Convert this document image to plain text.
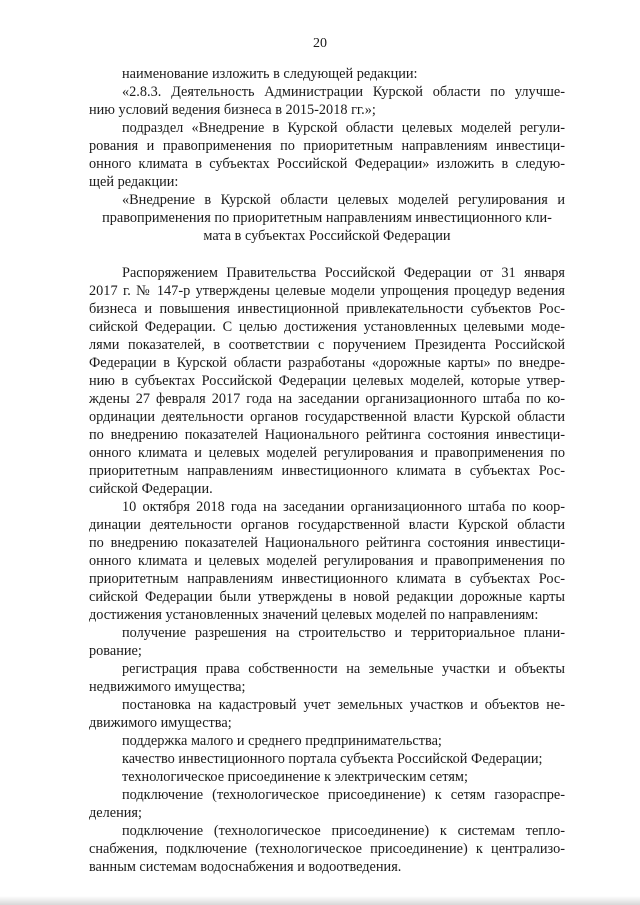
20
наименование изложить в следующей редакции:
«2.8.3. Деятельность Администрации Курской области по улучше-
нию условий ведения бизнеса в 2015-2018 гг.»;
подраздел «Внедрение в Курской области целевых моделей регули-
рования и правоприменения по приоритетным направлениям инвестици-
онного климата в субъектах Российской Федерации» изложить в следую-
щей редакции:
«Внедрение в Курской области целевых моделей регулирования и
правоприменения по приоритетным направлениям инвестиционного кли-
мата в субъектах Российской Федерации
Распоряжением Правительства Российской Федерации от 31 января
2017 г. № 147-р утверждены целевые модели упрощения процедур ведения
бизнеса и повышения инвестиционной привлекательности субъектов Рос-
сийской Федерации. С целью достижения установленных целевыми моде-
лями показателей, в соответствии с поручением Президента Российской
Федерации в Курской области разработаны «дорожные карты» по внедре-
нию в субъектах Российской Федерации целевых моделей, которые утвер-
ждены 27 февраля 2017 года на заседании организационного штаба по ко-
ординации деятельности органов государственной власти Курской области
по внедрению показателей Национального рейтинга состояния инвестици-
онного климата и целевых моделей регулирования и правоприменения по
приоритетным направлениям инвестиционного климата в субъектах Рос-
сийской Федерации.
10 октября 2018 года на заседании организационного штаба по коор-
динации деятельности органов государственной власти Курской области
по внедрению показателей Национального рейтинга состояния инвестици-
онного климата и целевых моделей регулирования и правоприменения по
приоритетным направлениям инвестиционного климата в субъектах Рос-
сийской Федерации были утверждены в новой редакции дорожные карты
достижения установленных значений целевых моделей по направлениям:
получение разрешения на строительство и территориальное плани-
рование;
регистрация права собственности на земельные участки и объекты
недвижимого имущества;
постановка на кадастровый учет земельных участков и объектов не-
движимого имущества;
поддержка малого и среднего предпринимательства;
качество инвестиционного портала субъекта Российской Федерации;
технологическое присоединение к электрическим сетям;
подключение (технологическое присоединение) к сетям газораспре-
деления;
подключение (технологическое присоединение) к системам тепло-
снабжения, подключение (технологическое присоединение) к централизо-
ванным системам водоснабжения и водоотведения.
